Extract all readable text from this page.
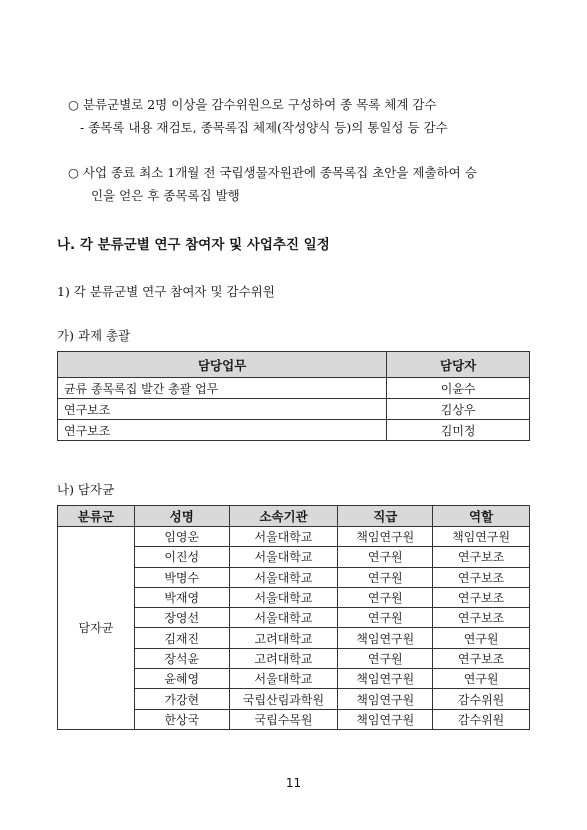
○ 분류군별로 2명 이상을 감수위원으로 구성하여 종 목록 체계 감수
- 종목록 내용 재검토, 종목록집 체제(작성양식 등)의 통일성 등 감수
○ 사업 종료 최소 1개월 전 국립생물자원관에 종목록집 초안을 제출하여 승
인을 얻은 후 종목록집 발행
나. 각 분류군별 연구 참여자 및 사업추진 일정
1) 각 분류군별 연구 참여자 및 감수위원
가) 과제 총괄
담당업무	담당자
균류 종목록집 발간 총괄 업무	이윤수
연구보조	김상우
연구보조	김미정
나) 담자균
분류군	성명	소속기관	직급	역할
담자균	임영운	서울대학교	책임연구원	책임연구원
	이진성	서울대학교	연구원	연구보조
	박명수	서울대학교	연구원	연구보조
	박재영	서울대학교	연구원	연구보조
	장영선	서울대학교	연구원	연구보조
	김재진	고려대학교	책임연구원	연구원
	장석윤	고려대학교	연구원	연구보조
	윤혜영	서울대학교	책임연구원	연구원
	가강현	국립산림과학원	책임연구원	감수위원
	한상국	국립수목원	책임연구원	감수위원
11
